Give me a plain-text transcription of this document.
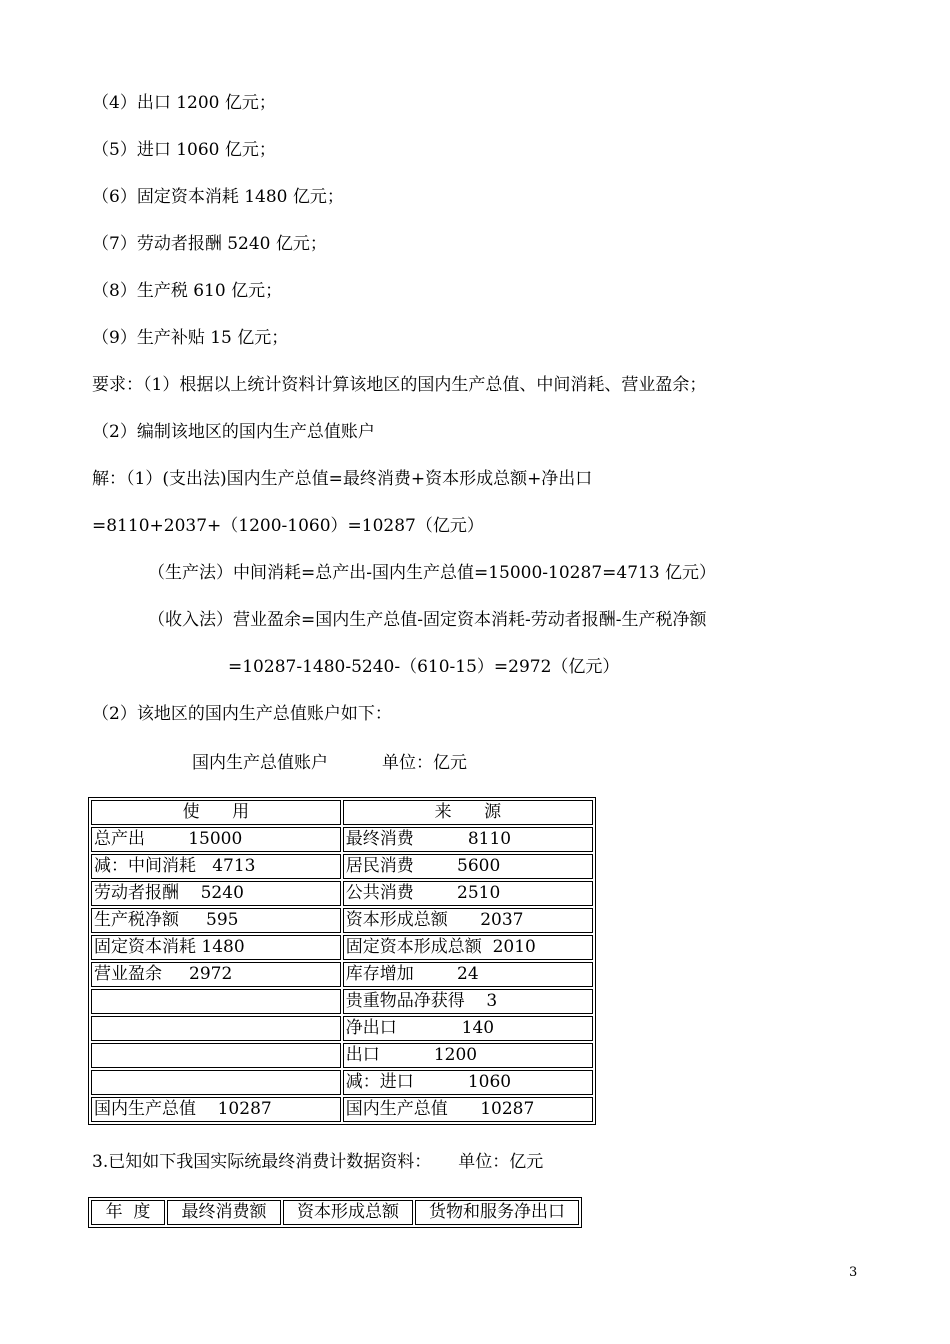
（4）出口 1200 亿元；
（5）进口 1060 亿元；
（6）固定资本消耗 1480 亿元；
（7）劳动者报酬 5240 亿元；
（8）生产税 610 亿元；
（9）生产补贴 15 亿元；
要求：（1）根据以上统计资料计算该地区的国内生产总值、中间消耗、营业盈余；
（2）编制该地区的国内生产总值账户
解：（1）(支出法)国内生产总值=最终消费+资本形成总额+净出口
=8110+2037+（1200-1060）=10287（亿元）
（生产法）中间消耗=总产出-国内生产总值=15000-10287=4713 亿元）
（收入法）营业盈余=国内生产总值-固定资本消耗-劳动者报酬-生产税净额
=10287-1480-5240-（610-15）=2972（亿元）
（2）该地区的国内生产总值账户如下：
国内生产总值账户          单位：亿元
使      用	来      源
总产出        15000	最终消费          8110
减：中间消耗   4713	居民消费        5600
劳动者报酬    5240	公共消费        2510
生产税净额     595	资本形成总额      2037
固定资本消耗 1480	固定资本形成总额  2010
营业盈余     2972	库存增加        24
	贵重物品净获得    3
	净出口            140
	出口          1200
	减：进口          1060
国内生产总值    10287	国内生产总值      10287
3.已知如下我国实际统最终消费计数据资料：     单位：亿元
年  度	最终消费额	资本形成总额	货物和服务净出口
3
